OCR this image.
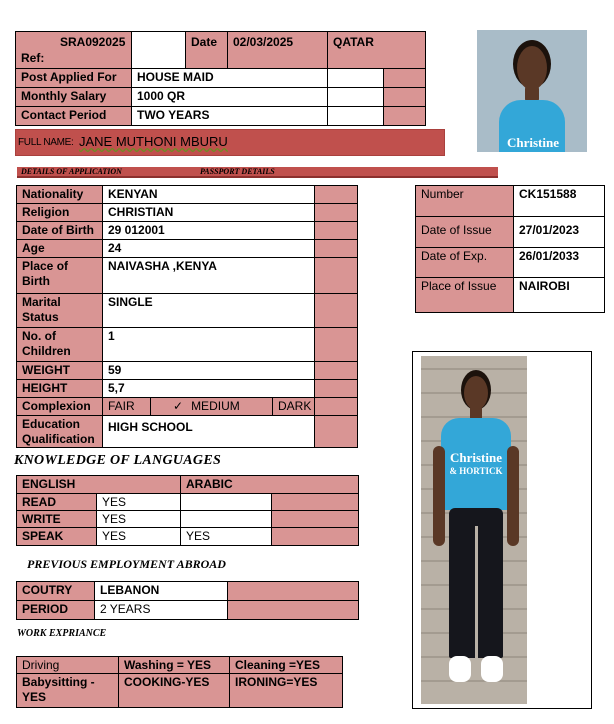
Ref:
SRA092025		Date	02/03/2025	QATAR	
Post Applied For	HOUSE MAID				
Monthly Salary	1000 QR				
Contact Period	TWO YEARS				
Christine
FULL NAME: JANE MUTHONI MBURU
DETAILS OF APPLICATION	PASSPORT DETAILS
Nationality	KENYAN			
Religion	CHRISTIAN			
Date of Birth	29 012001			
Age	24			
Place of Birth	NAIVASHA ,KENYA			
Marital Status	SINGLE			
No. of Children	1			
WEIGHT	59			
HEIGHT	5,7			
Complexion	FAIR	✓ MEDIUM	DARK	
Education Qualification	HIGH SCHOOL			
Number	CK151588
Date of Issue	27/01/2023
Date of Exp.	26/01/2033
Place of Issue	NAIROBI
KNOWLEDGE OF LANGUAGES
ENGLISH		ARABIC	
READ	YES		
WRITE	YES		
SPEAK	YES	YES	
PREVIOUS EMPLOYMENT ABROAD
COUTRY	LEBANON	
PERIOD	2 YEARS	
WORK EXPRIANCE
Driving	Washing = YES	Cleaning =YES
Babysitting - YES	COOKING-YES	IRONING=YES
Christine
& HORTICK
